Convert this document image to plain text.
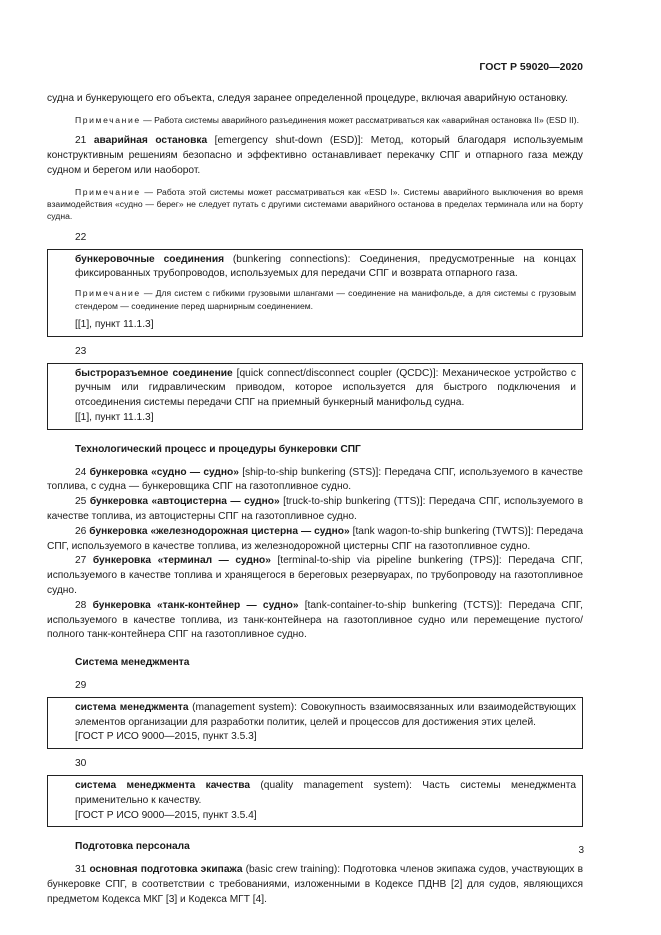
ГОСТ Р 59020—2020

судна и бункерующего его объекта, следуя заранее определенной процедуре, включая аварийную остановку.

Примечание — Работа системы аварийного разъединения может рассматриваться как «аварийная остановка II» (ESD II).

21 аварийная остановка [emergency shut-down (ESD)]: Метод, который благодаря используемым конструктивным решениям безопасно и эффективно останавливает перекачку СПГ и отпарного газа между судном и берегом или наоборот.

Примечание — Работа этой системы может рассматриваться как «ESD I». Системы аварийного выключения во время взаимодействия «судно — берег» не следует путать с другими системами аварийного останова в пределах терминала или на борту судна.

22

бункеровочные соединения (bunkering connections): Соединения, предусмотренные на концах фиксированных трубопроводов, используемых для передачи СПГ и возврата отпарного газа.

Примечание — Для систем с гибкими грузовыми шлангами — соединение на манифольде, а для системы с грузовым стендером — соединение перед шарнирным соединением.

[[1], пункт 11.1.3]

23

быстроразъемное соединение [quick connect/disconnect coupler (QCDC)]: Механическое устройство с ручным или гидравлическим приводом, которое используется для быстрого подключения и отсоединения системы передачи СПГ на приемный бункерный манифольд судна.

[[1], пункт 11.1.3]

Технологический процесс и процедуры бункеровки СПГ

24 бункеровка «судно — судно» [ship-to-ship bunkering (STS)]: Передача СПГ, используемого в качестве топлива, с судна — бункеровщика СПГ на газотопливное судно.

25 бункеровка «автоцистерна — судно» [truck-to-ship bunkering (TTS)]: Передача СПГ, используемого в качестве топлива, из автоцистерны СПГ на газотопливное судно.

26 бункеровка «железнодорожная цистерна — судно» [tank wagon-to-ship bunkering (TWTS)]: Передача СПГ, используемого в качестве топлива, из железнодорожной цистерны СПГ на газотопливное судно.

27 бункеровка «терминал — судно» [terminal-to-ship via pipeline bunkering (TPS)]: Передача СПГ, используемого в качестве топлива и хранящегося в береговых резервуарах, по трубопроводу на газотопливное судно.

28 бункеровка «танк-контейнер — судно» [tank-container-to-ship bunkering (TCTS)]: Передача СПГ, используемого в качестве топлива, из танк-контейнера на газотопливное судно или перемещение пустого/полного танк-контейнера СПГ на газотопливное судно.

Система менеджмента
29

система менеджмента (management system): Совокупность взаимосвязанных или взаимодействующих элементов организации для разработки политик, целей и процессов для достижения этих целей.

[ГОСТ Р ИСО 9000—2015, пункт 3.5.3]

30

система менеджмента качества (quality management system): Часть системы менеджмента применительно к качеству.

[ГОСТ Р ИСО 9000—2015, пункт 3.5.4]

Подготовка персонала

31 основная подготовка экипажа (basic crew training): Подготовка членов экипажа судов, участвующих в бункеровке СПГ, в соответствии с требованиями, изложенными в Кодексе ПДНВ [2] для судов, являющихся предметом Кодекса МКГ [3] и Кодекса МГТ [4].

3
